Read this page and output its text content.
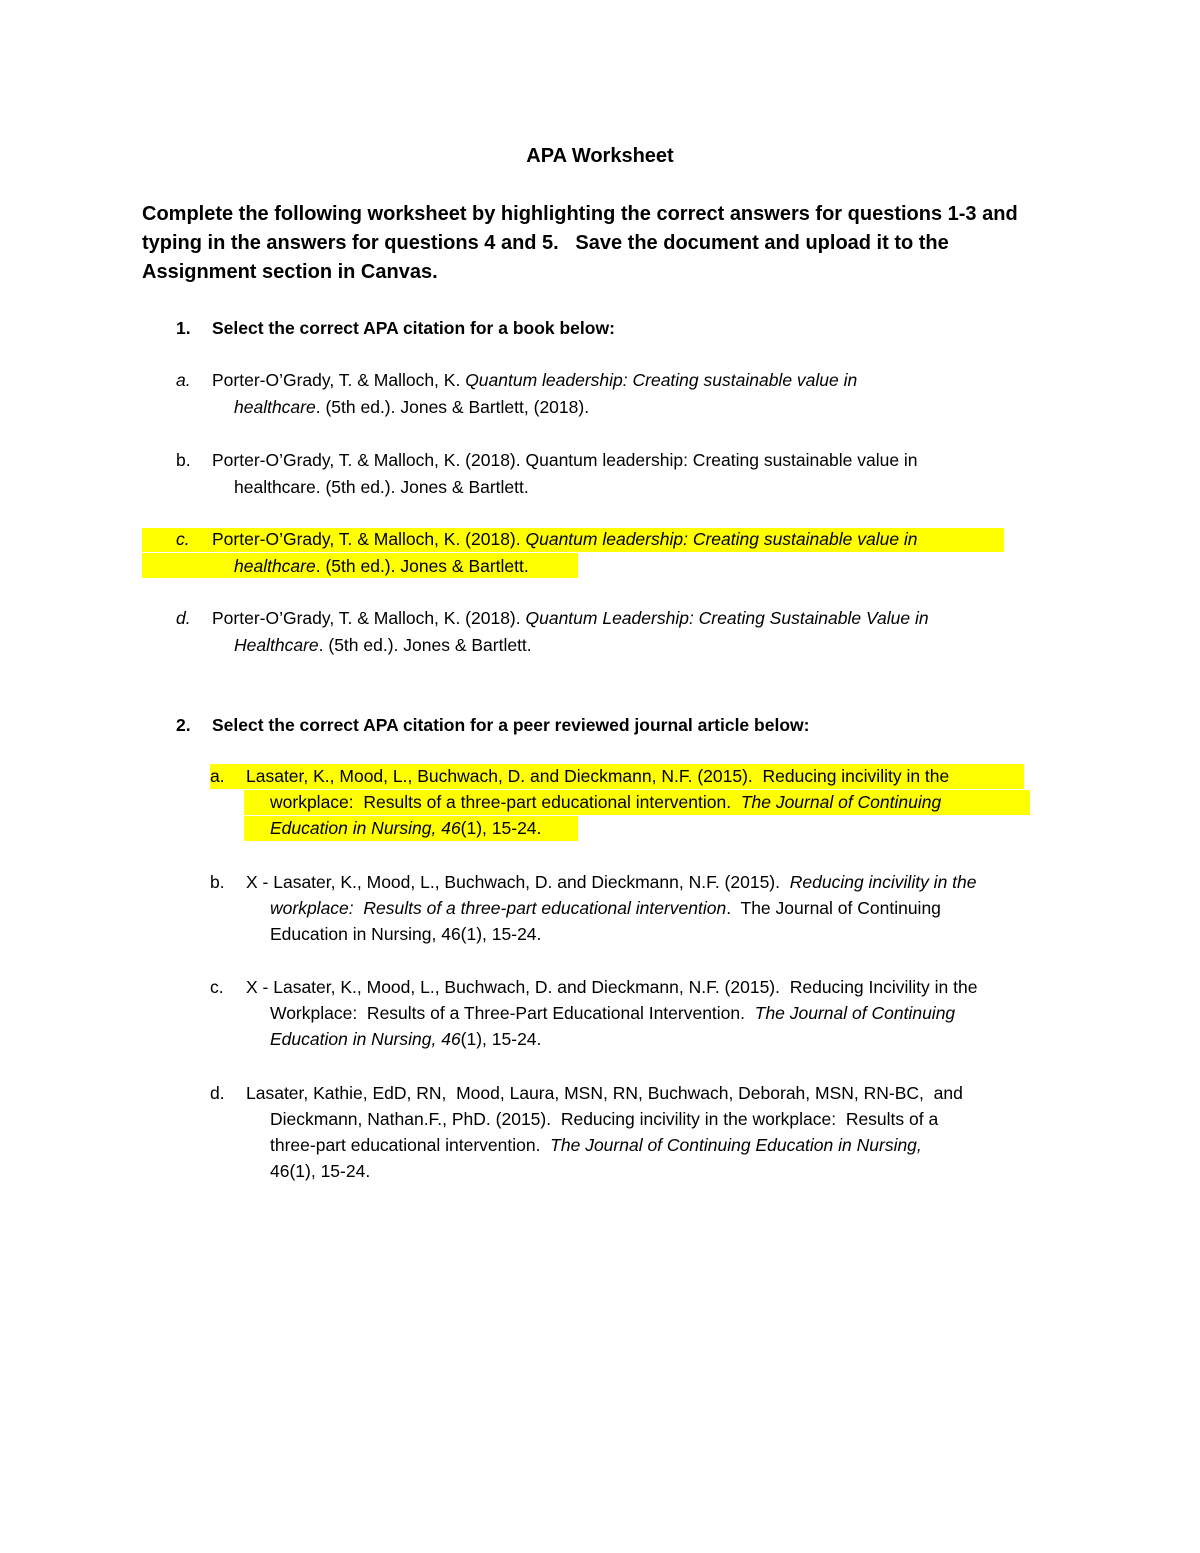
APA Worksheet
Complete the following worksheet by highlighting the correct answers for questions 1-3 and
typing in the answers for questions 4 and 5.   Save the document and upload it to the
Assignment section in Canvas.
1. Select the correct APA citation for a book below:
a. Porter-O’Grady, T. & Malloch, K. Quantum leadership: Creating sustainable value in
healthcare. (5th ed.). Jones & Bartlett, (2018).
b. Porter-O’Grady, T. & Malloch, K. (2018). Quantum leadership: Creating sustainable value in
healthcare. (5th ed.). Jones & Bartlett.
c. Porter-O’Grady, T. & Malloch, K. (2018). Quantum leadership: Creating sustainable value in
healthcare. (5th ed.). Jones & Bartlett.
d. Porter-O’Grady, T. & Malloch, K. (2018). Quantum Leadership: Creating Sustainable Value in
Healthcare. (5th ed.). Jones & Bartlett.
2. Select the correct APA citation for a peer reviewed journal article below:
a. Lasater, K., Mood, L., Buchwach, D. and Dieckmann, N.F. (2015).  Reducing incivility in the
workplace:  Results of a three-part educational intervention.  The Journal of Continuing
Education in Nursing, 46(1), 15-24.
b. X - Lasater, K., Mood, L., Buchwach, D. and Dieckmann, N.F. (2015).  Reducing incivility in the
workplace:  Results of a three-part educational intervention.  The Journal of Continuing
Education in Nursing, 46(1), 15-24.
c. X - Lasater, K., Mood, L., Buchwach, D. and Dieckmann, N.F. (2015).  Reducing Incivility in the
Workplace:  Results of a Three-Part Educational Intervention.  The Journal of Continuing
Education in Nursing, 46(1), 15-24.
d. Lasater, Kathie, EdD, RN,  Mood, Laura, MSN, RN, Buchwach, Deborah, MSN, RN-BC,  and
Dieckmann, Nathan.F., PhD. (2015).  Reducing incivility in the workplace:  Results of a
three-part educational intervention.  The Journal of Continuing Education in Nursing,
46(1), 15-24.
